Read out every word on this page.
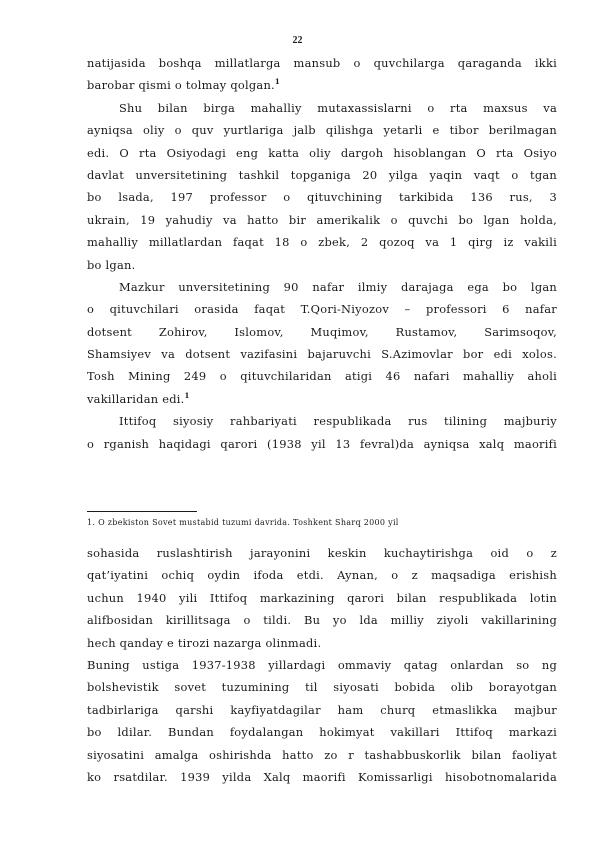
22
natijasida boshqa millatlarga mansub o quvchilarga qaraganda ikki
barobar qismi o tolmay qolgan.$^1$
Shu bilan birga mahalliy mutaxassislarni o rta maxsus va
ayniqsa oliy o quv yurtlariga jalb qilishga yetarli e tibor berilmagan
edi. O rta Osiyodagi eng katta oliy dargoh hisoblangan O rta Osiyo
davlat unversitetining tashkil topganiga 20 yilga yaqin vaqt o tgan
bo lsada, 197 professor o qituvchining tarkibida 136 rus, 3
ukrain, 19 yahudiy va hatto bir amerikalik o quvchi bo lgan holda,
mahalliy millatlardan faqat 18 o zbek, 2 qozoq va 1 qirg iz vakili
bo lgan.
Mazkur unversitetining 90 nafar ilmiy darajaga ega bo lgan
o qituvchilari orasida faqat T.Qori-Niyozov – professori 6 nafar
dotsent Zohirov, Islomov, Muqimov, Rustamov, Sarimsoqov,
Shamsiyev va dotsent vazifasini bajaruvchi S.Azimovlar bor edi xolos.
Tosh Mining 249 o qituvchilaridan atigi 46 nafari mahalliy aholi
vakillaridan edi.$^1$
Ittifoq siyosiy rahbariyati respublikada rus tilining majburiy
o rganish haqidagi qarori (1938 yil 13 fevral)da ayniqsa xalq maorifi
1. O zbekiston Sovet mustabid tuzumi davrida. Toshkent Sharq 2000 yil
sohasida ruslashtirish jarayonini keskin kuchaytirishga oid o z
qat’iyatini ochiq oydin ifoda etdi. Aynan, o z maqsadiga erishish
uchun 1940 yili Ittifoq markazining qarori bilan respublikada lotin
alifbosidan kirillitsaga o tildi. Bu yo lda milliy ziyoli vakillarining
hech qanday e tirozi nazarga olinmadi.
Buning ustiga 1937-1938 yillardagi ommaviy qatag onlardan so ng
bolshevistik sovet tuzumining til siyosati bobida olib borayotgan
tadbirlariga qarshi kayfiyatdagilar ham churq etmaslikka majbur
bo ldilar. Bundan foydalangan hokimyat vakillari Ittifoq markazi
siyosatini amalga oshirishda hatto zo r tashabbuskorlik bilan faoliyat
ko rsatdilar. 1939 yilda Xalq maorifi Komissarligi hisobotnomalarida
